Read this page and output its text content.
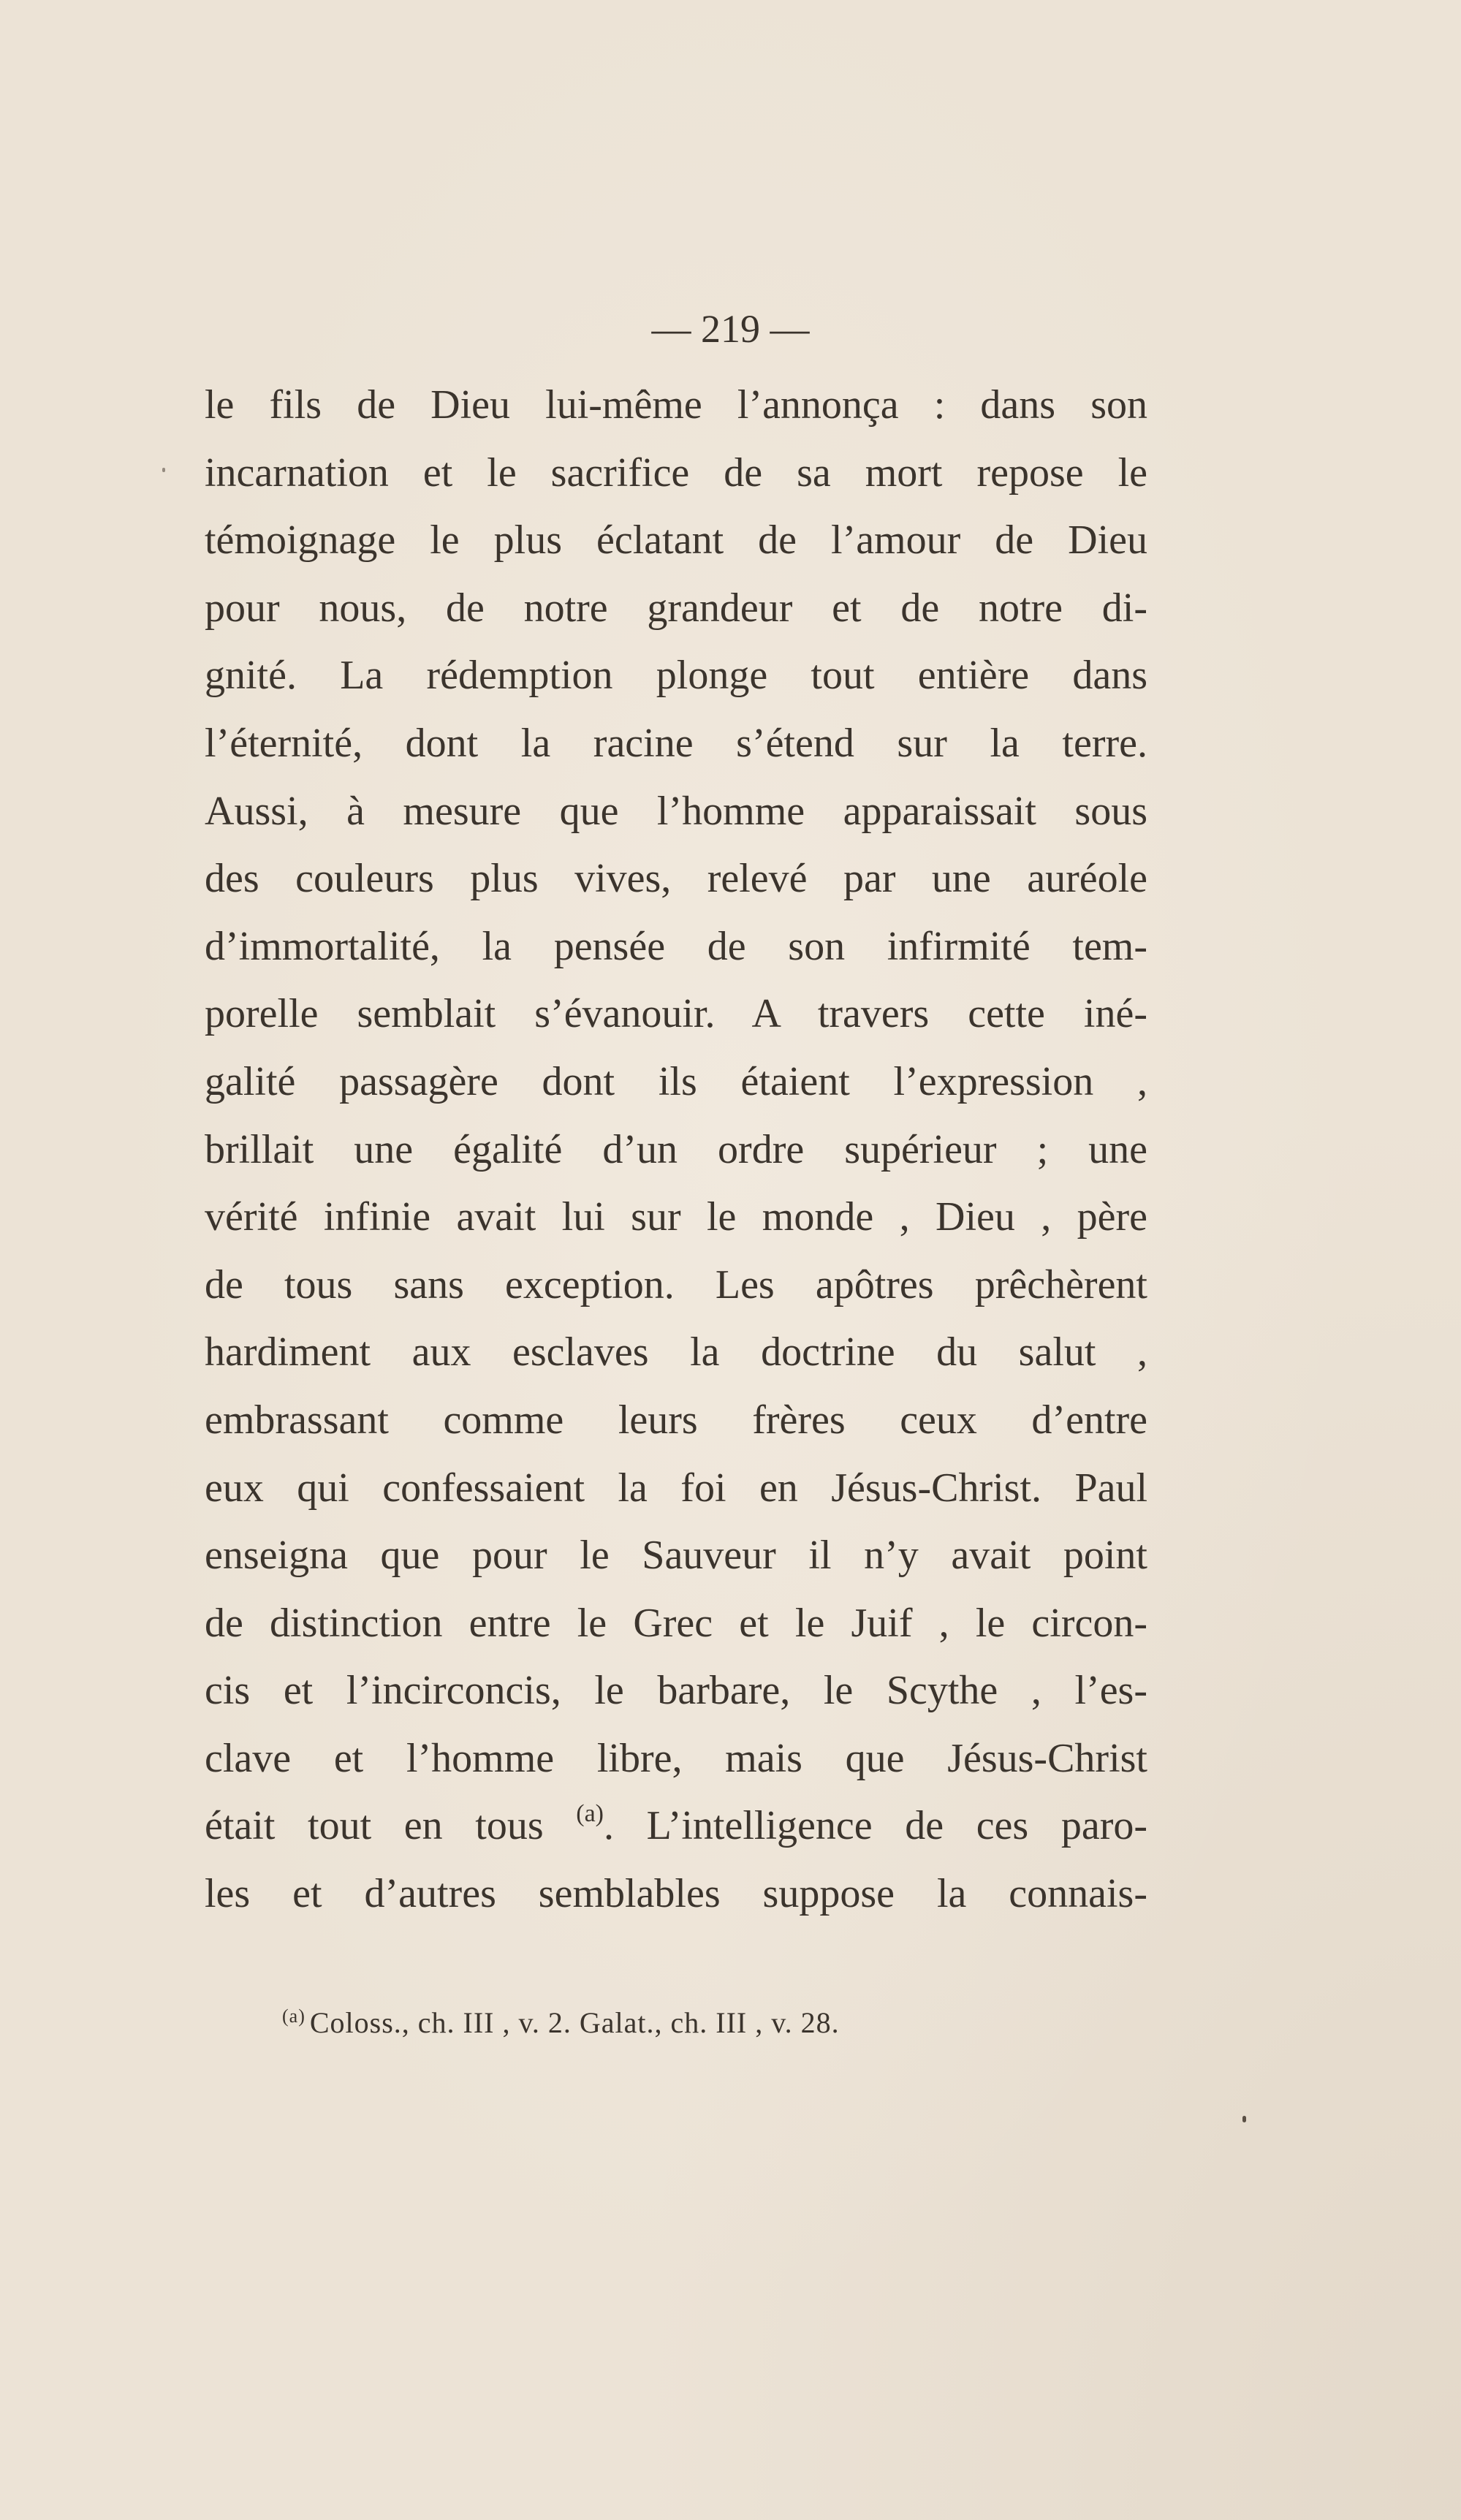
— 219 —
le fils de Dieu lui-même l’annonça : dans son
incarnation et le sacrifice de sa mort repose le
témoignage le plus éclatant de l’amour de Dieu
pour nous, de notre grandeur et de notre di-
gnité. La rédemption plonge tout entière dans
l’éternité, dont la racine s’étend sur la terre.
Aussi, à mesure que l’homme apparaissait sous
des couleurs plus vives, relevé par une auréole
d’immortalité, la pensée de son infirmité tem-
porelle semblait s’évanouir. A travers cette iné-
galité passagère dont ils étaient l’expression ,
brillait une égalité d’un ordre supérieur ; une
vérité infinie avait lui sur le monde , Dieu , père
de tous sans exception. Les apôtres prêchèrent
hardiment aux esclaves la doctrine du salut ,
embrassant comme leurs frères ceux d’entre
eux qui confessaient la foi en Jésus-Christ. Paul
enseigna que pour le Sauveur il n’y avait point
de distinction entre le Grec et le Juif , le circon-
cis et l’incirconcis, le barbare, le Scythe , l’es-
clave et l’homme libre, mais que Jésus-Christ
était tout en tous $^{(a)}$. L’intelligence de ces paro-
les et d’autres semblables suppose la connais-
$^{(a)}$ Coloss., ch. III , v. 2. Galat., ch. III , v. 28.
